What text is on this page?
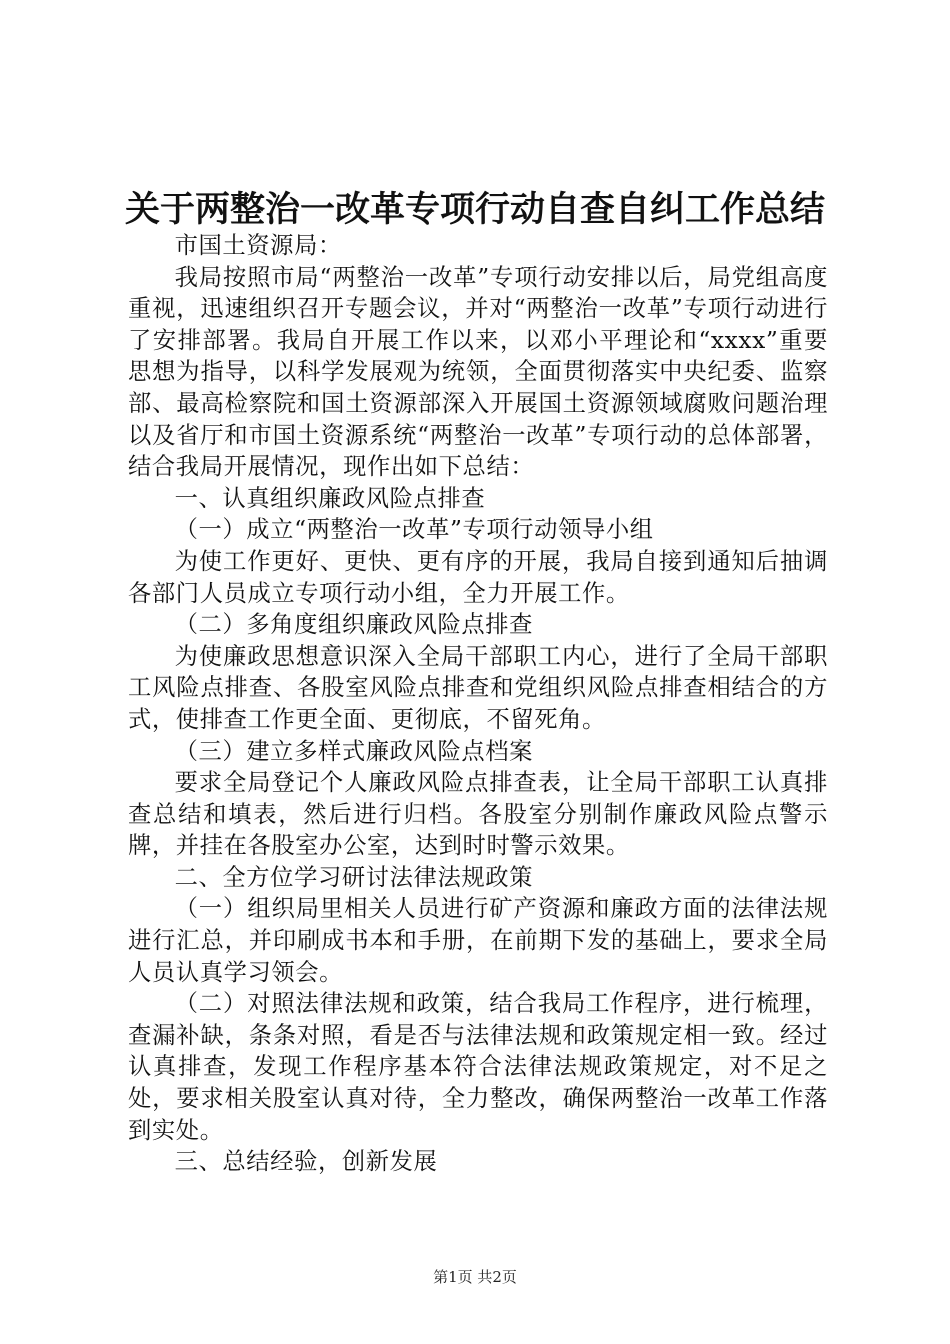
关于两整治一改革专项行动自查自纠工作总结

市国土资源局：

我局按照市局“两整治一改革”专项行动安排以后，局党组高度重视，迅速组织召开专题会议，并对“两整治一改革”专项行动进行了安排部署。我局自开展工作以来，以邓小平理论和“xxxx”重要思想为指导，以科学发展观为统领，全面贯彻落实中央纪委、监察部、最高检察院和国土资源部深入开展国土资源领域腐败问题治理以及省厅和市国土资源系统“两整治一改革”专项行动的总体部署，结合我局开展情况，现作出如下总结：

一、认真组织廉政风险点排查

（一）成立“两整治一改革”专项行动领导小组

为使工作更好、更快、更有序的开展，我局自接到通知后抽调各部门人员成立专项行动小组，全力开展工作。

（二）多角度组织廉政风险点排查

为使廉政思想意识深入全局干部职工内心，进行了全局干部职工风险点排查、各股室风险点排查和党组织风险点排查相结合的方式，使排查工作更全面、更彻底，不留死角。

（三）建立多样式廉政风险点档案

要求全局登记个人廉政风险点排查表，让全局干部职工认真排查总结和填表，然后进行归档。各股室分别制作廉政风险点警示牌，并挂在各股室办公室，达到时时警示效果。

二、全方位学习研讨法律法规政策

（一）组织局里相关人员进行矿产资源和廉政方面的法律法规进行汇总，并印刷成书本和手册，在前期下发的基础上，要求全局人员认真学习领会。

（二）对照法律法规和政策，结合我局工作程序，进行梳理，查漏补缺，条条对照，看是否与法律法规和政策规定相一致。经过认真排查，发现工作程序基本符合法律法规政策规定，对不足之处，要求相关股室认真对待，全力整改，确保两整治一改革工作落到实处。

三、总结经验，创新发展

第1页 共2页
